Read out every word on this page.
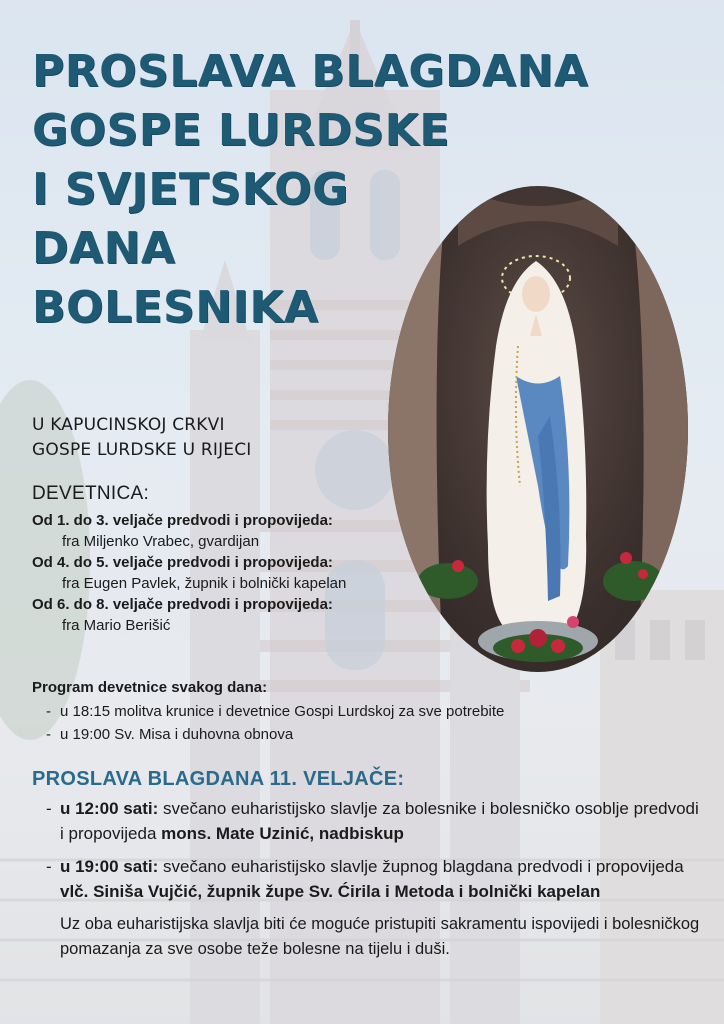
PROSLAVA BLAGDANA
GOSPE LURDSKE
I SVJETSKOG
DANA
BOLESNIKA
U KAPUCINSKOJ CRKVI
GOSPE LURDSKE U RIJECI
DEVETNICA:
Od 1. do 3. veljače predvodi i propovijeda:
fra Miljenko Vrabec, gvardijan
Od 4. do 5. veljače predvodi i propovijeda:
fra Eugen Pavlek, župnik i bolnički kapelan
Od 6. do 8. veljače predvodi i propovijeda:
fra Mario Berišić
Program devetnice svakog dana:
- u 18:15 molitva krunice i devetnice Gospi Lurdskoj za sve potrebite
- u 19:00 Sv. Misa i duhovna obnova
PROSLAVA BLAGDANA 11. VELJAČE:
- u 12:00 sati: svečano euharistijsko slavlje za bolesnike i bolesničko osoblje predvodi i propovijeda mons. Mate Uzinić, nadbiskup
- u 19:00 sati: svečano euharistijsko slavlje župnog blagdana predvodi i propovijeda vlč. Siniša Vujčić, župnik župe Sv. Ćirila i Metoda i bolnički kapelan
Uz oba euharistijska slavlja biti će moguće pristupiti sakramentu ispovijedi i bolesničkog pomazanja za sve osobe teže bolesne na tijelu i duši.
